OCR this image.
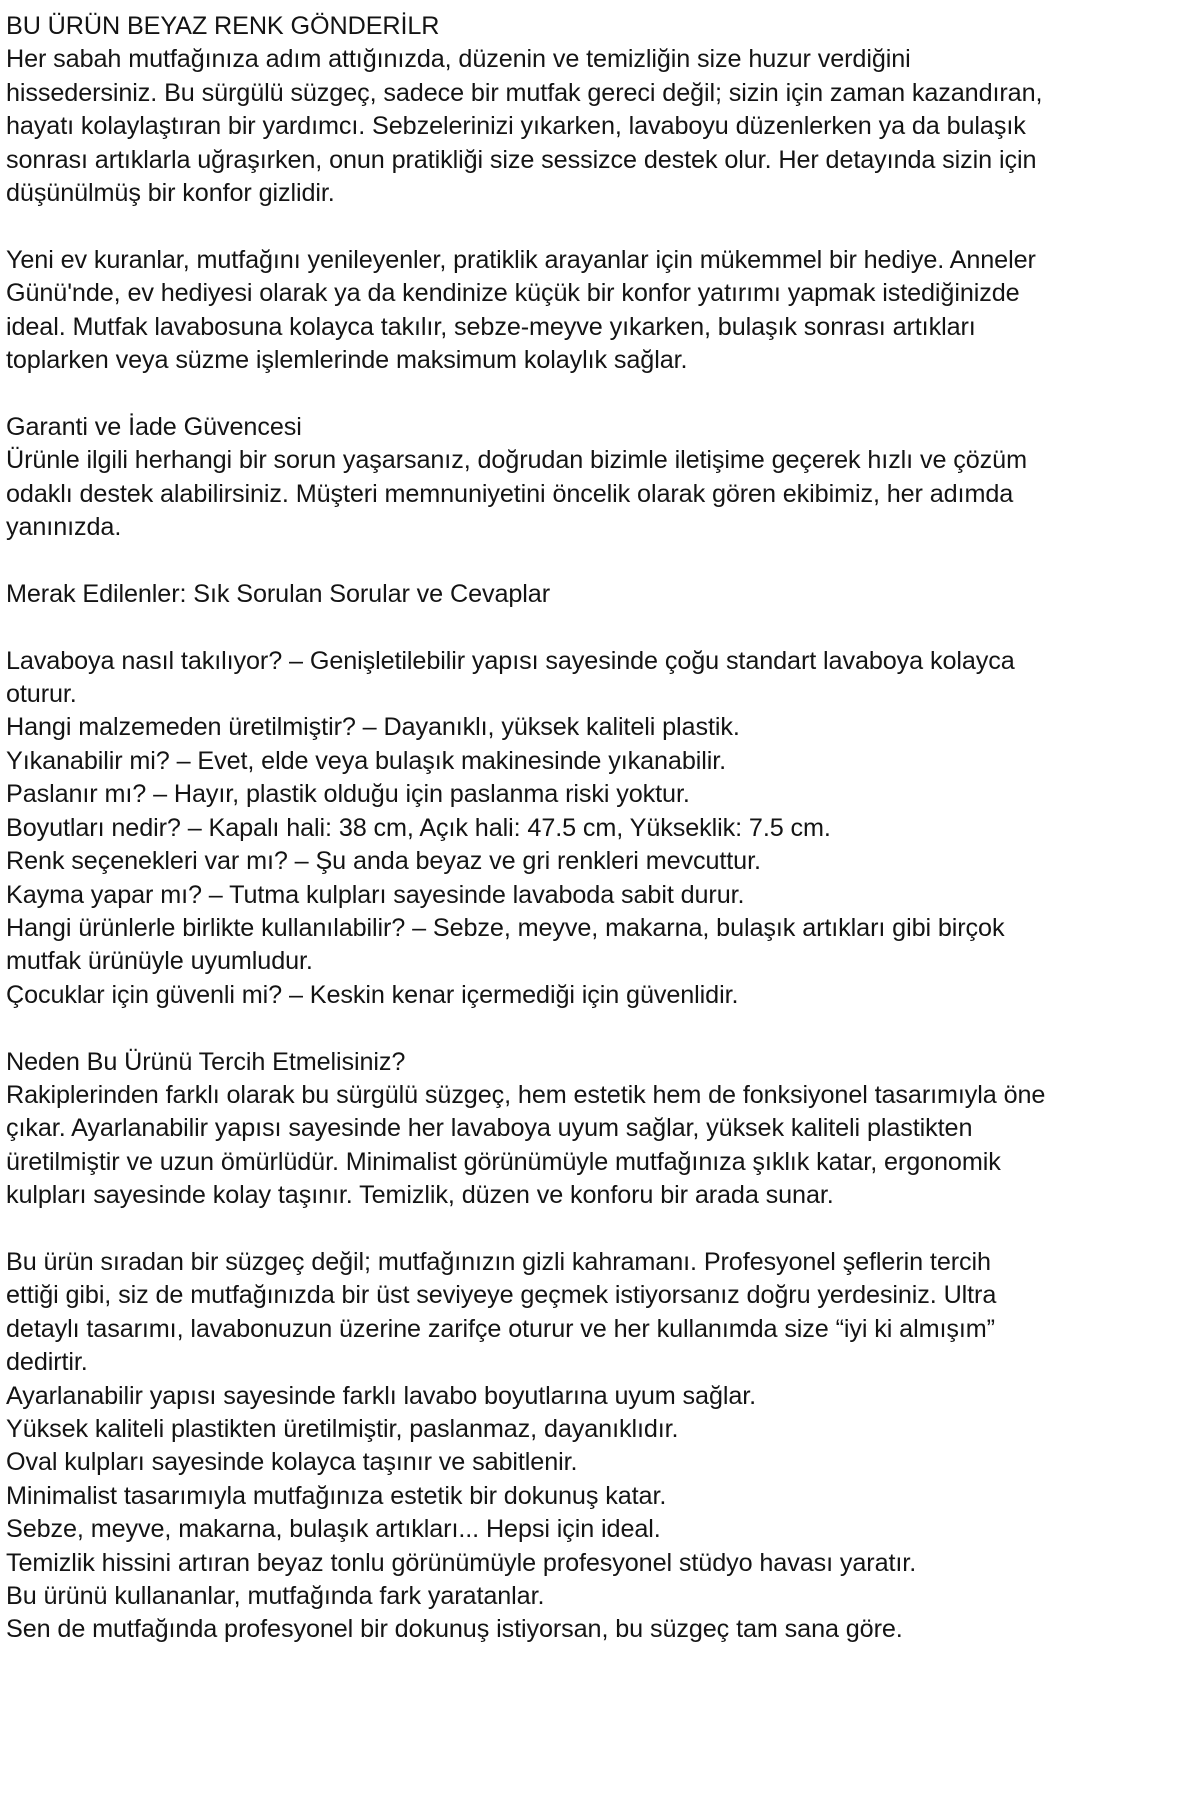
BU ÜRÜN BEYAZ RENK GÖNDERİLR

Her sabah mutfağınıza adım attığınızda, düzenin ve temizliğin size huzur verdiğini hissedersiniz. Bu sürgülü süzgeç, sadece bir mutfak gereci değil; sizin için zaman kazandıran, hayatı kolaylaştıran bir yardımcı. Sebzelerinizi yıkarken, lavaboyu düzenlerken ya da bulaşık sonrası artıklarla uğraşırken, onun pratikliği size sessizce destek olur. Her detayında sizin için düşünülmüş bir konfor gizlidir.

Yeni ev kuranlar, mutfağını yenileyenler, pratiklik arayanlar için mükemmel bir hediye. Anneler Günü'nde, ev hediyesi olarak ya da kendinize küçük bir konfor yatırımı yapmak istediğinizde ideal. Mutfak lavabosuna kolayca takılır, sebze-meyve yıkarken, bulaşık sonrası artıkları toplarken veya süzme işlemlerinde maksimum kolaylık sağlar.

Garanti ve İade Güvencesi

Ürünle ilgili herhangi bir sorun yaşarsanız, doğrudan bizimle iletişime geçerek hızlı ve çözüm odaklı destek alabilirsiniz. Müşteri memnuniyetini öncelik olarak gören ekibimiz, her adımda yanınızda.

Merak Edilenler: Sık Sorulan Sorular ve Cevaplar

Lavaboya nasıl takılıyor? – Genişletilebilir yapısı sayesinde çoğu standart lavaboya kolayca oturur.

Hangi malzemeden üretilmiştir? – Dayanıklı, yüksek kaliteli plastik.

Yıkanabilir mi? – Evet, elde veya bulaşık makinesinde yıkanabilir.

Paslanır mı? – Hayır, plastik olduğu için paslanma riski yoktur.

Boyutları nedir? – Kapalı hali: 38 cm, Açık hali: 47.5 cm, Yükseklik: 7.5 cm.

Renk seçenekleri var mı? – Şu anda beyaz ve gri renkleri mevcuttur.

Kayma yapar mı? – Tutma kulpları sayesinde lavaboda sabit durur.

Hangi ürünlerle birlikte kullanılabilir? – Sebze, meyve, makarna, bulaşık artıkları gibi birçok mutfak ürünüyle uyumludur.

Çocuklar için güvenli mi? – Keskin kenar içermediği için güvenlidir.

Neden Bu Ürünü Tercih Etmelisiniz?

Rakiplerinden farklı olarak bu sürgülü süzgeç, hem estetik hem de fonksiyonel tasarımıyla öne çıkar. Ayarlanabilir yapısı sayesinde her lavaboya uyum sağlar, yüksek kaliteli plastikten üretilmiştir ve uzun ömürlüdür. Minimalist görünümüyle mutfağınıza şıklık katar, ergonomik kulpları sayesinde kolay taşınır. Temizlik, düzen ve konforu bir arada sunar.

Bu ürün sıradan bir süzgeç değil; mutfağınızın gizli kahramanı. Profesyonel şeflerin tercih ettiği gibi, siz de mutfağınızda bir üst seviyeye geçmek istiyorsanız doğru yerdesiniz. Ultra detaylı tasarımı, lavabonuzun üzerine zarifçe oturur ve her kullanımda size “iyi ki almışım” dedirtir.

Ayarlanabilir yapısı sayesinde farklı lavabo boyutlarına uyum sağlar.

Yüksek kaliteli plastikten üretilmiştir, paslanmaz, dayanıklıdır.

Oval kulpları sayesinde kolayca taşınır ve sabitlenir.

Minimalist tasarımıyla mutfağınıza estetik bir dokunuş katar.

Sebze, meyve, makarna, bulaşık artıkları... Hepsi için ideal.

Temizlik hissini artıran beyaz tonlu görünümüyle profesyonel stüdyo havası yaratır.

Bu ürünü kullananlar, mutfağında fark yaratanlar.

Sen de mutfağında profesyonel bir dokunuş istiyorsan, bu süzgeç tam sana göre.
